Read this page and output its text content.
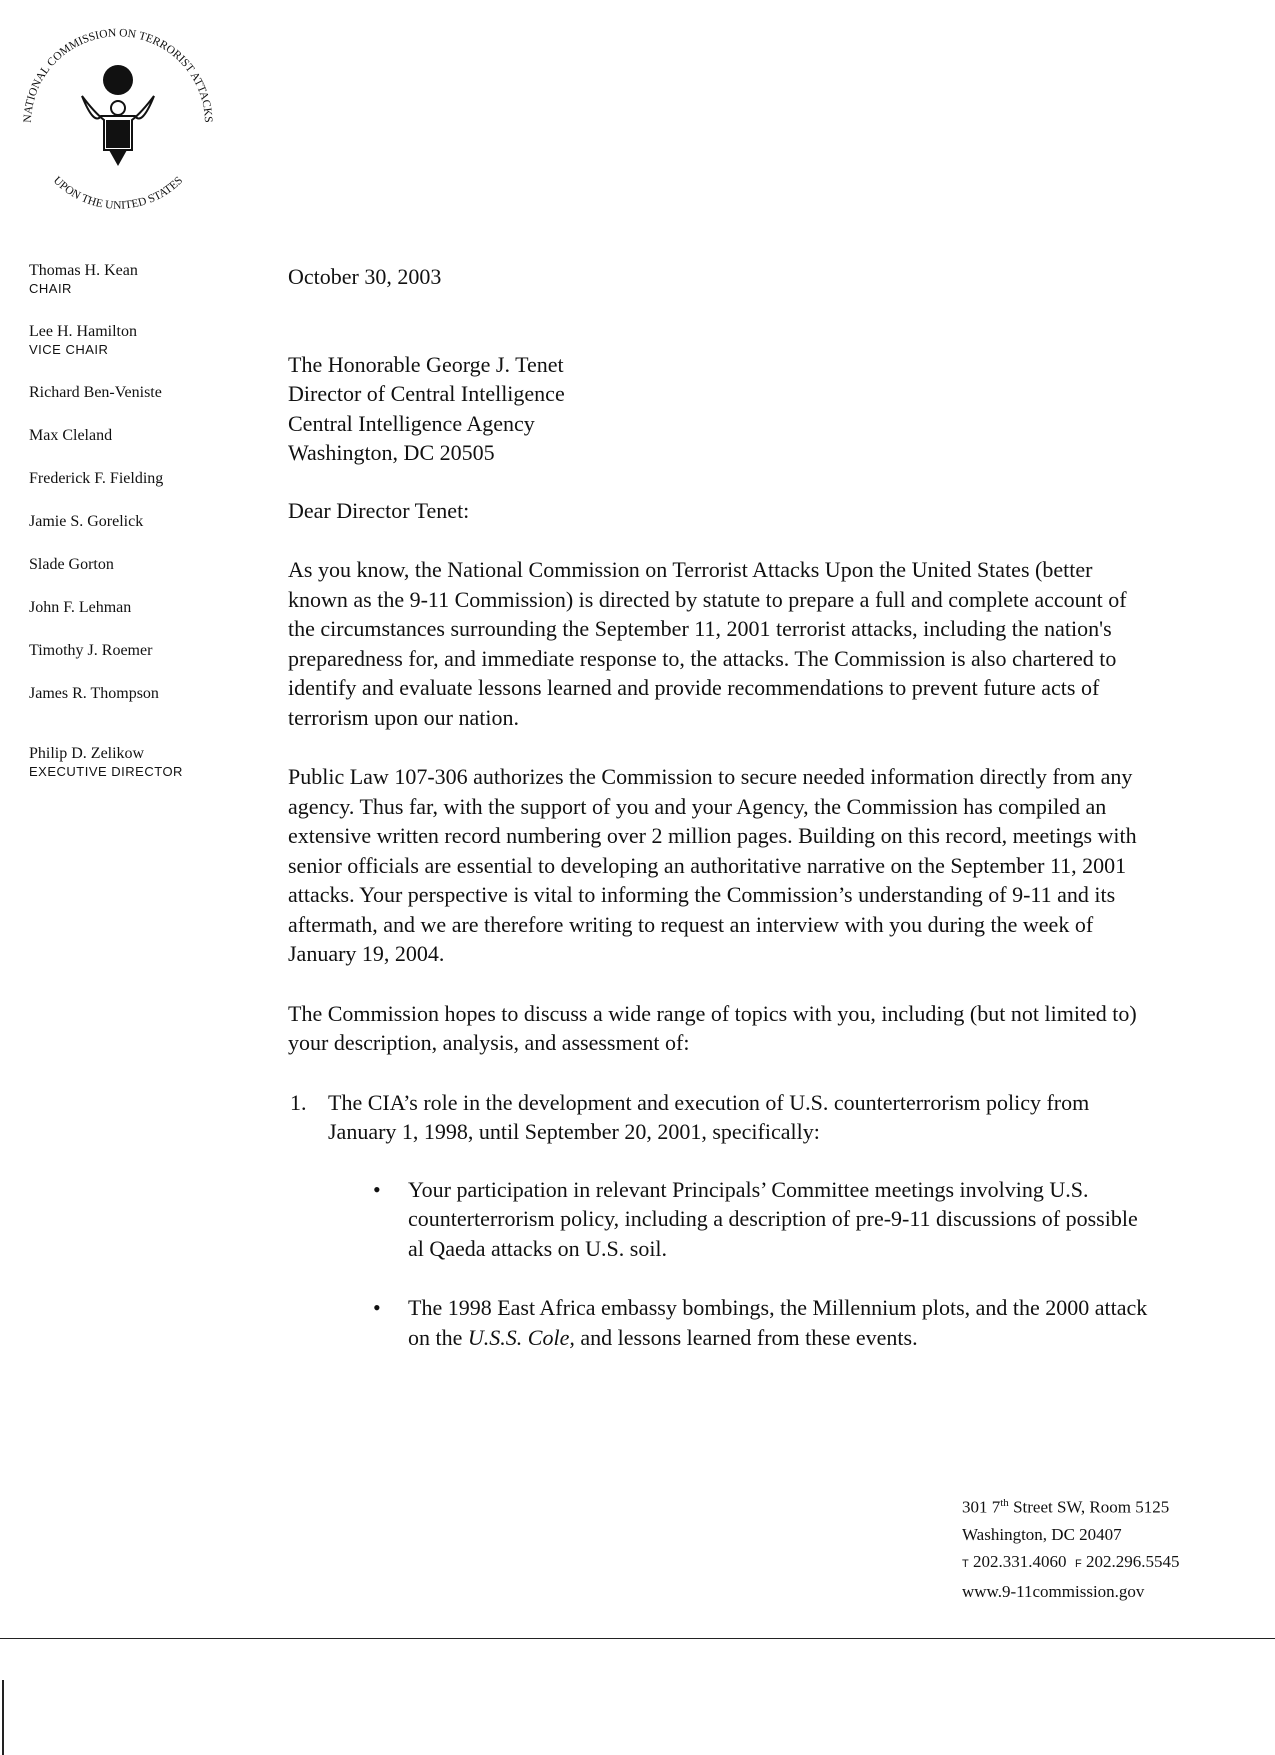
NATIONAL COMMISSION ON TERRORIST ATTACKS
UPON THE UNITED STATES
Thomas H. Kean
CHAIR
Lee H. Hamilton
VICE CHAIR
Richard Ben-Veniste
Max Cleland
Frederick F. Fielding
Jamie S. Gorelick
Slade Gorton
John F. Lehman
Timothy J. Roemer
James R. Thompson
Philip D. Zelikow
EXECUTIVE DIRECTOR
October 30, 2003
The Honorable George J. Tenet
Director of Central Intelligence
Central Intelligence Agency
Washington, DC 20505

Dear Director Tenet:

As you know, the National Commission on Terrorist Attacks Upon the United States (better known as the 9-11 Commission) is directed by statute to prepare a full and complete account of the circumstances surrounding the September 11, 2001 terrorist attacks, including the nation's preparedness for, and immediate response to, the attacks. The Commission is also chartered to identify and evaluate lessons learned and provide recommendations to prevent future acts of terrorism upon our nation.

Public Law 107-306 authorizes the Commission to secure needed information directly from any agency. Thus far, with the support of you and your Agency, the Commission has compiled an extensive written record numbering over 2 million pages. Building on this record, meetings with senior officials are essential to developing an authoritative narrative on the September 11, 2001 attacks. Your perspective is vital to informing the Commission’s understanding of 9-11 and its aftermath, and we are therefore writing to request an interview with you during the week of January 19, 2004.

The Commission hopes to discuss a wide range of topics with you, including (but not limited to) your description, analysis, and assessment of:

1. The CIA’s role in the development and execution of U.S. counterterrorism policy from January 1, 1998, until September 20, 2001, specifically:
• Your participation in relevant Principals’ Committee meetings involving U.S. counterterrorism policy, including a description of pre-9-11 discussions of possible al Qaeda attacks on U.S. soil.
• The 1998 East Africa embassy bombings, the Millennium plots, and the 2000 attack on the U.S.S. Cole, and lessons learned from these events.
301 7th Street SW, Room 5125
Washington, DC 20407
T 202.331.4060 F 202.296.5545
www.9-11commission.gov
